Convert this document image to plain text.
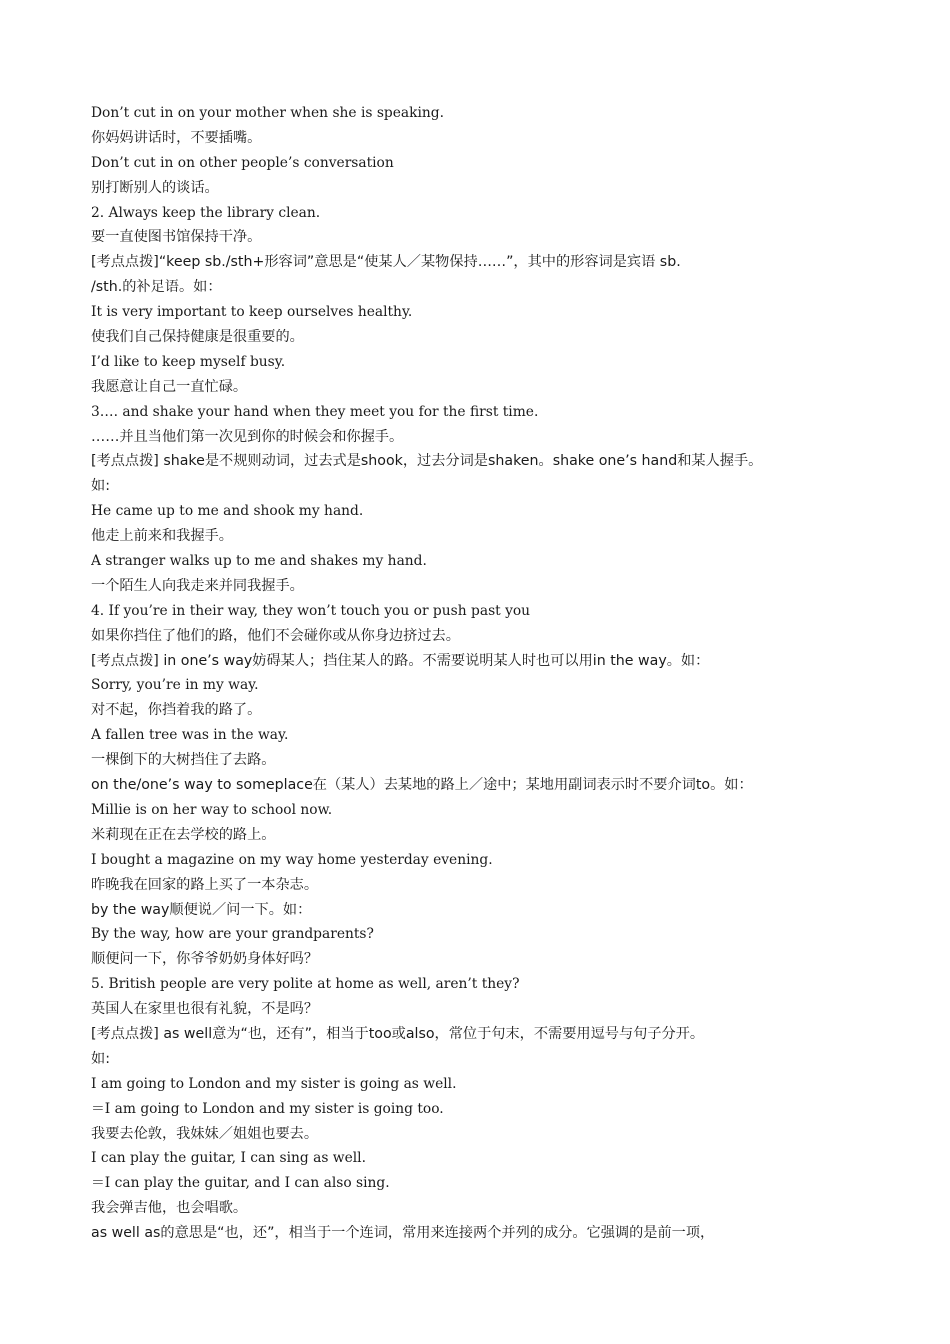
Don’t cut in on your mother when she is speaking.
你妈妈讲话时，不要插嘴。
Don’t cut in on other people’s conversation
别打断别人的谈话。
2. Always keep the library clean.
要一直使图书馆保持干净。
[考点点拨]“keep sb./sth+形容词”意思是“使某人／某物保持……”，其中的形容词是宾语 sb.
/sth.的补足语。如：
It is very important to keep ourselves healthy.
使我们自己保持健康是很重要的。
I’d like to keep myself busy.
我愿意让自己一直忙碌。
3…. and shake your hand when they meet you for the first time.
……并且当他们第一次见到你的时候会和你握手。
[考点点拨] shake是不规则动词，过去式是shook，过去分词是shaken。shake one’s hand和某人握手。
如:
He came up to me and shook my hand.
他走上前来和我握手。
A stranger walks up to me and shakes my hand.
一个陌生人向我走来并同我握手。
4. If you’re in their way, they won’t touch you or push past you
如果你挡住了他们的路，他们不会碰你或从你身边挤过去。
[考点点拨] in one’s way妨碍某人；挡住某人的路。不需要说明某人时也可以用in the way。如：
Sorry, you’re in my way.
对不起，你挡着我的路了。
A fallen tree was in the way.
一棵倒下的大树挡住了去路。
on the/one’s way to someplace在（某人）去某地的路上／途中；某地用副词表示时不要介词to。如：
Millie is on her way to school now.
米莉现在正在去学校的路上。
I bought a magazine on my way home yesterday evening.
昨晚我在回家的路上买了一本杂志。
by the way顺便说／问一下。如：
By the way, how are your grandparents?
顺便问一下，你爷爷奶奶身体好吗？
5. British people are very polite at home as well, aren’t they?
英国人在家里也很有礼貌，不是吗？
[考点点拨] as well意为“也，还有”，相当于too或also，常位于句末，不需要用逗号与句子分开。
如:
I am going to London and my sister is going as well.
＝I am going to London and my sister is going too.
我要去伦敦，我妹妹／姐姐也要去。
I can play the guitar, I can sing as well.
＝I can play the guitar, and I can also sing.
我会弹吉他，也会唱歌。
as well as的意思是“也，还”，相当于一个连词，常用来连接两个并列的成分。它强调的是前一项，
